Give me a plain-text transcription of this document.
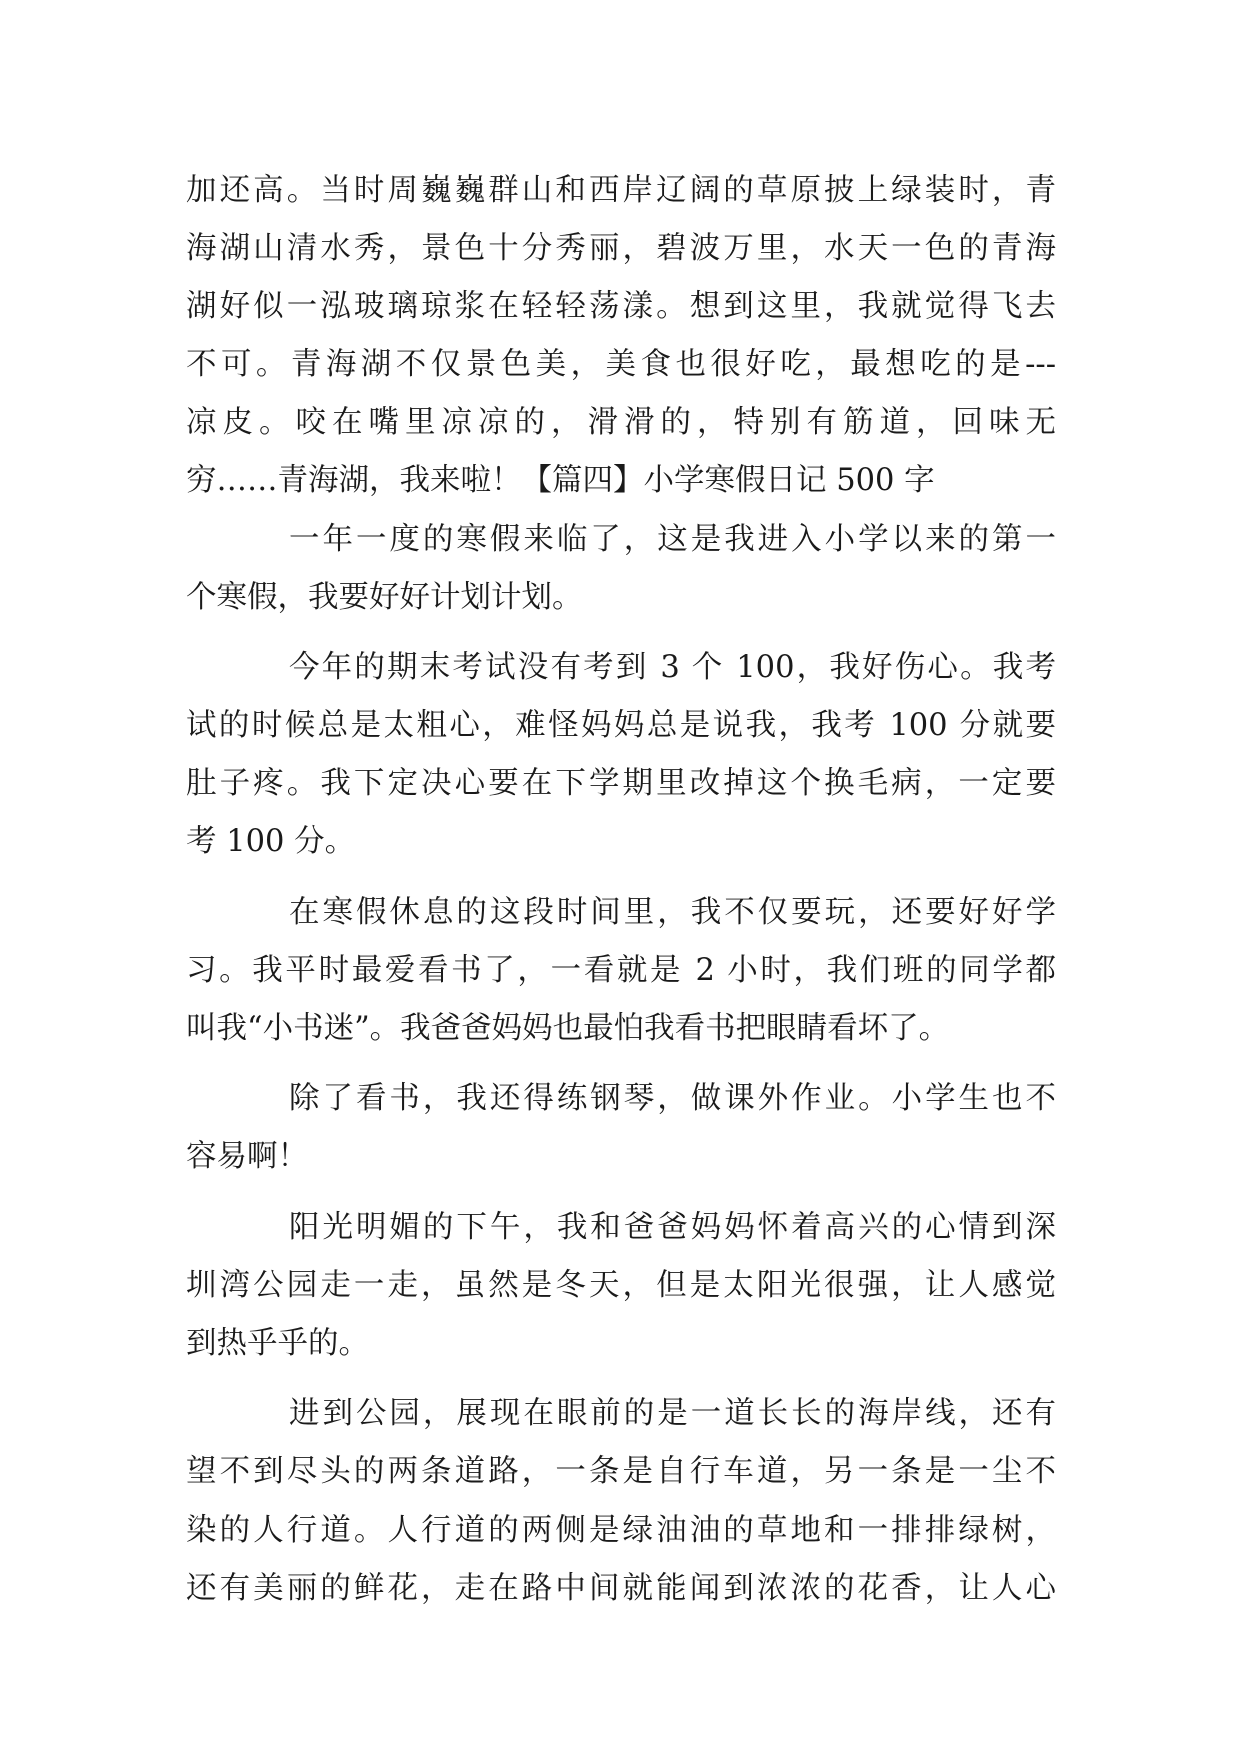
加还高。当时周巍巍群山和西岸辽阔的草原披上绿装时，青
海湖山清水秀，景色十分秀丽，碧波万里，水天一色的青海
湖好似一泓玻璃琼浆在轻轻荡漾。想到这里，我就觉得飞去
不可。青海湖不仅景色美，美食也很好吃，最想吃的是---
凉皮。咬在嘴里凉凉的，滑滑的，特别有筋道，回味无
穷……青海湖，我来啦！【篇四】小学寒假日记 500 字
一年一度的寒假来临了，这是我进入小学以来的第一
个寒假，我要好好计划计划。
今年的期末考试没有考到 3 个 100，我好伤心。我考
试的时候总是太粗心，难怪妈妈总是说我，我考 100 分就要
肚子疼。我下定决心要在下学期里改掉这个换毛病，一定要
考 100 分。
在寒假休息的这段时间里，我不仅要玩，还要好好学
习。我平时最爱看书了，一看就是 2 小时，我们班的同学都
叫我“小书迷”。我爸爸妈妈也最怕我看书把眼睛看坏了。
除了看书，我还得练钢琴，做课外作业。小学生也不
容易啊！
阳光明媚的下午，我和爸爸妈妈怀着高兴的心情到深
圳湾公园走一走，虽然是冬天，但是太阳光很强，让人感觉
到热乎乎的。
进到公园，展现在眼前的是一道长长的海岸线，还有
望不到尽头的两条道路，一条是自行车道，另一条是一尘不
染的人行道。人行道的两侧是绿油油的草地和一排排绿树，
还有美丽的鲜花，走在路中间就能闻到浓浓的花香，让人心
